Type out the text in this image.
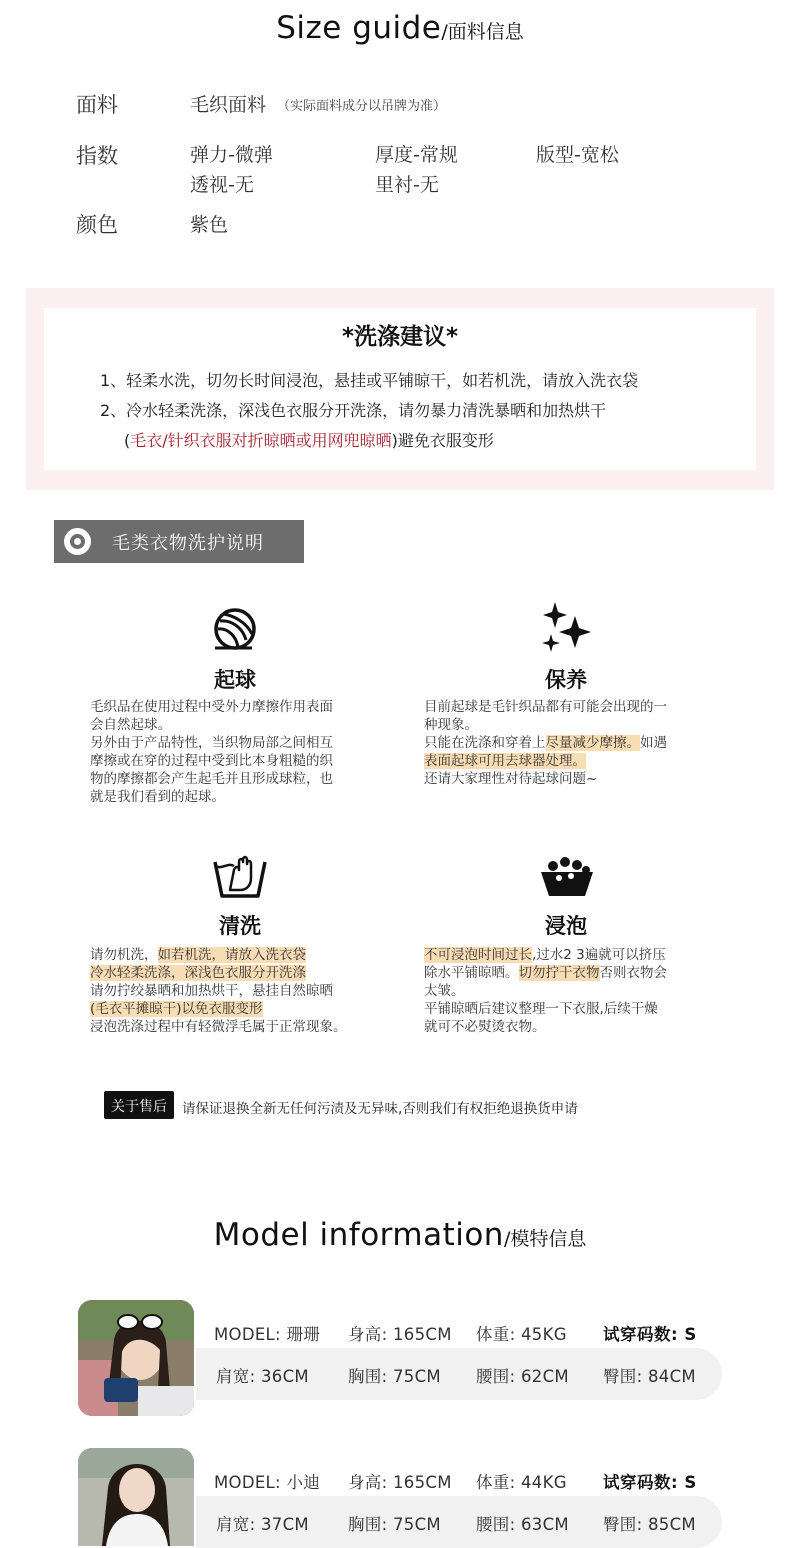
Size guide/面料信息
面料	毛织面料 （实际面料成分以吊牌为准）
指数	弹力-微弹	厚度-常规	版型-宽松
透视-无	里衬-无
颜色	紫色
*洗涤建议*
1、轻柔水洗，切勿长时间浸泡，悬挂或平铺晾干，如若机洗，请放入洗衣袋
2、冷水轻柔洗涤，深浅色衣服分开洗涤，请勿暴力清洗暴晒和加热烘干
(毛衣/针织衣服对折晾晒或用网兜晾晒)避免衣服变形
毛类衣物洗护说明
起球
毛织品在使用过程中受外力摩擦作用表面
会自然起球。
另外由于产品特性，当织物局部之间相互
摩擦或在穿的过程中受到比本身粗糙的织
物的摩擦都会产生起毛并且形成球粒，也
就是我们看到的起球。
保养
目前起球是毛针织品都有可能会出现的一
种现象。
只能在洗涤和穿着上尽量减少摩擦。如遇
表面起球可用去球器处理。
还请大家理性对待起球问题~
清洗
请勿机洗，如若机洗，请放入洗衣袋
冷水轻柔洗涤，深浅色衣服分开洗涤
请勿拧绞暴晒和加热烘干，悬挂自然晾晒
(毛衣平摊晾干)以免衣服变形
浸泡洗涤过程中有轻微浮毛属于正常现象。
浸泡
不可浸泡时间过长,过水2 3遍就可以挤压
除水平铺晾晒。切勿拧干衣物否则衣物会
太皱。
平铺晾晒后建议整理一下衣服,后续干燥
就可不必熨烫衣物。
关于售后 请保证退换全新无任何污渍及无异味,否则我们有权拒绝退换货申请
Model information/模特信息
MODEL: 珊珊 身高: 165CM 体重: 45KG 试穿码数: S
肩宽: 36CM 胸围: 75CM 腰围: 62CM 臀围: 84CM
MODEL: 小迪 身高: 165CM 体重: 44KG 试穿码数: S
肩宽: 37CM 胸围: 75CM 腰围: 63CM 臀围: 85CM
